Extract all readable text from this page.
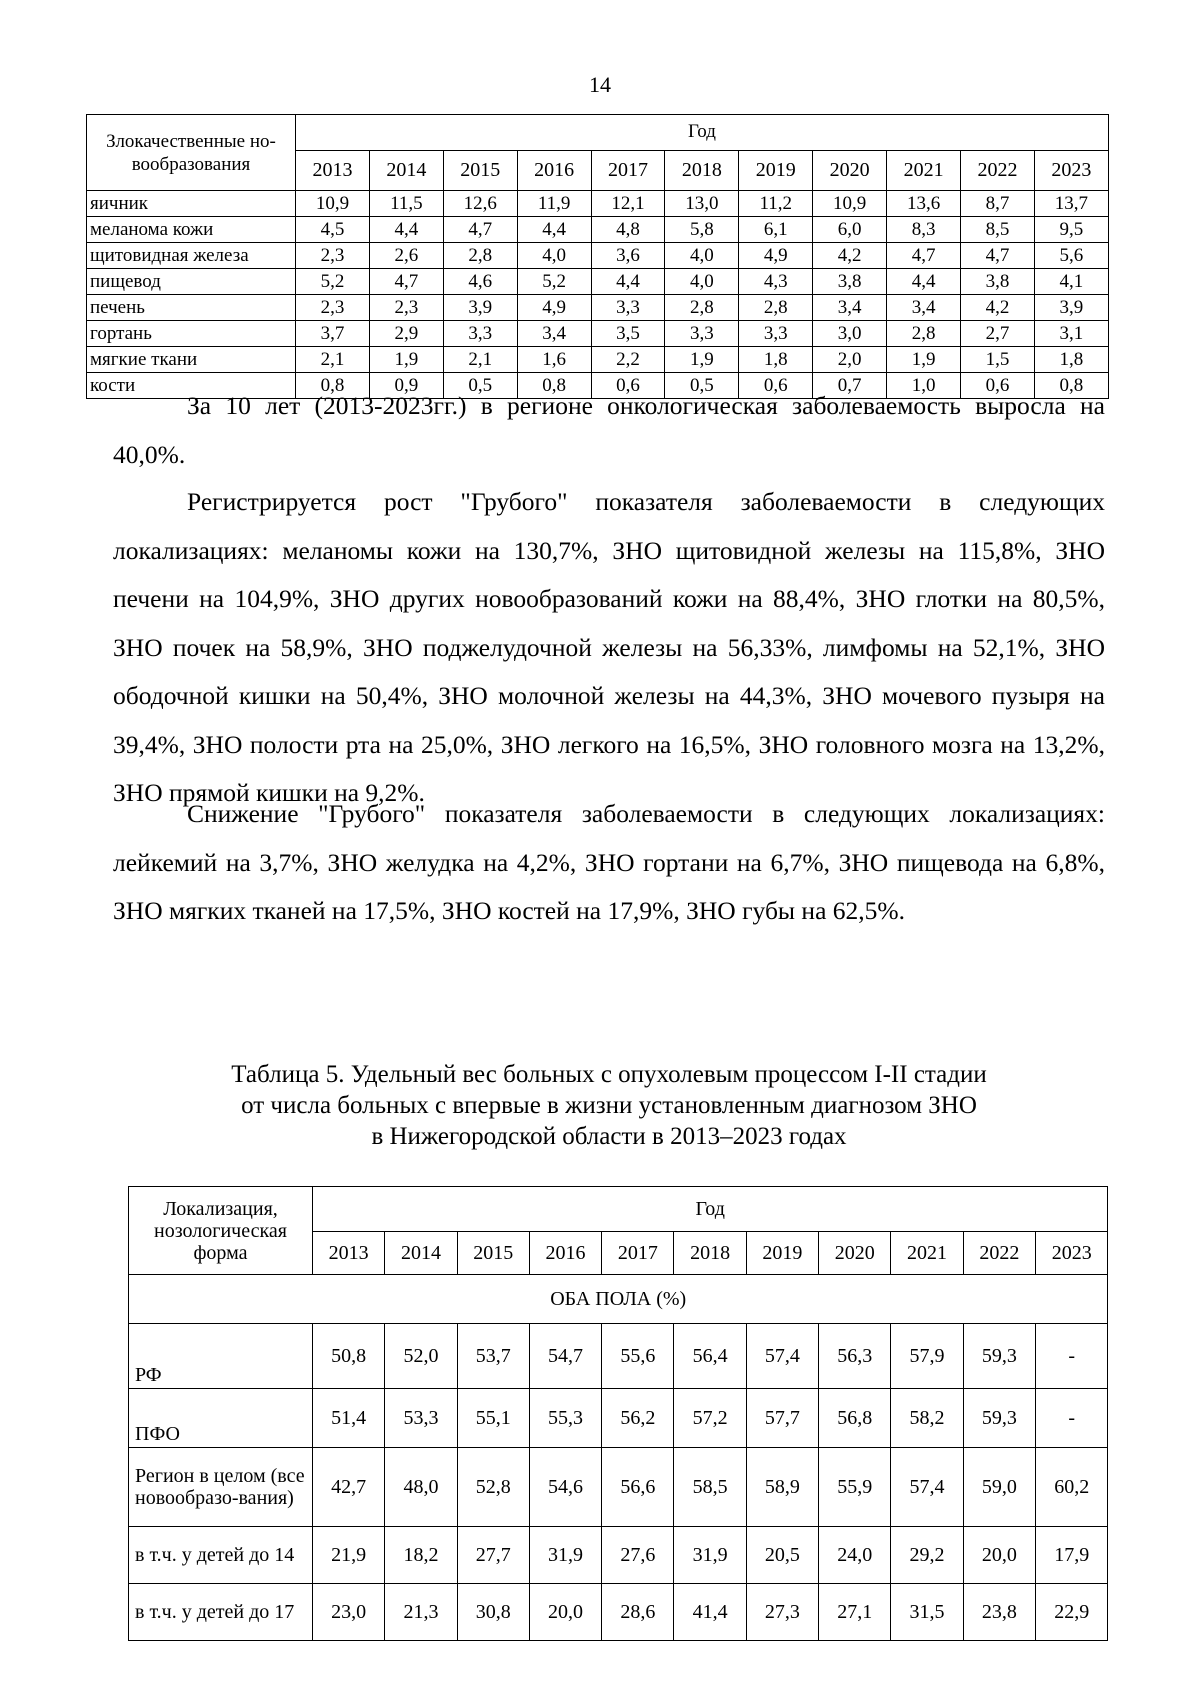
14
Злокачественные но-вообразования	Год										
	2013	2014	2015	2016	2017	2018	2019	2020	2021	2022	2023
яичник	10,9	11,5	12,6	11,9	12,1	13,0	11,2	10,9	13,6	8,7	13,7
меланома кожи	4,5	4,4	4,7	4,4	4,8	5,8	6,1	6,0	8,3	8,5	9,5
щитовидная железа	2,3	2,6	2,8	4,0	3,6	4,0	4,9	4,2	4,7	4,7	5,6
пищевод	5,2	4,7	4,6	5,2	4,4	4,0	4,3	3,8	4,4	3,8	4,1
печень	2,3	2,3	3,9	4,9	3,3	2,8	2,8	3,4	3,4	4,2	3,9
гортань	3,7	2,9	3,3	3,4	3,5	3,3	3,3	3,0	2,8	2,7	3,1
мягкие ткани	2,1	1,9	2,1	1,6	2,2	1,9	1,8	2,0	1,9	1,5	1,8
кости	0,8	0,9	0,5	0,8	0,6	0,5	0,6	0,7	1,0	0,6	0,8
За 10 лет (2013-2023гг.) в регионе онкологическая заболеваемость выросла на 40,0%.
Регистрируется рост "Грубого" показателя заболеваемости в следующих локализациях: меланомы кожи на 130,7%, ЗНО щитовидной железы на 115,8%, ЗНО печени на 104,9%, ЗНО других новообразований кожи на 88,4%, ЗНО глотки на 80,5%, ЗНО почек на 58,9%, ЗНО поджелудочной железы на 56,33%, лимфомы на 52,1%, ЗНО ободочной кишки на 50,4%, ЗНО молочной железы на 44,3%, ЗНО мочевого пузыря на 39,4%, ЗНО полости рта на 25,0%, ЗНО легкого на 16,5%, ЗНО головного мозга на 13,2%, ЗНО прямой кишки на 9,2%.
Снижение "Грубого" показателя заболеваемости в следующих локализациях: лейкемий на 3,7%, ЗНО желудка на 4,2%, ЗНО гортани на 6,7%, ЗНО пищевода на 6,8%, ЗНО мягких тканей на 17,5%, ЗНО костей на 17,9%, ЗНО губы на 62,5%.
Таблица 5. Удельный вес больных с опухолевым процессом I-II стадии
от числа больных с впервые в жизни установленным диагнозом ЗНО
в Нижегородской области в 2013–2023 годах
Локализация, нозологическая форма	Год										
	2013	2014	2015	2016	2017	2018	2019	2020	2021	2022	2023
ОБА ПОЛА (%)											
РФ	50,8	52,0	53,7	54,7	55,6	56,4	57,4	56,3	57,9	59,3	-
ПФО	51,4	53,3	55,1	55,3	56,2	57,2	57,7	56,8	58,2	59,3	-
Регион в целом (все новообразо-вания)	42,7	48,0	52,8	54,6	56,6	58,5	58,9	55,9	57,4	59,0	60,2
в т.ч. у детей до 14	21,9	18,2	27,7	31,9	27,6	31,9	20,5	24,0	29,2	20,0	17,9
в т.ч. у детей до 17	23,0	21,3	30,8	20,0	28,6	41,4	27,3	27,1	31,5	23,8	22,9
